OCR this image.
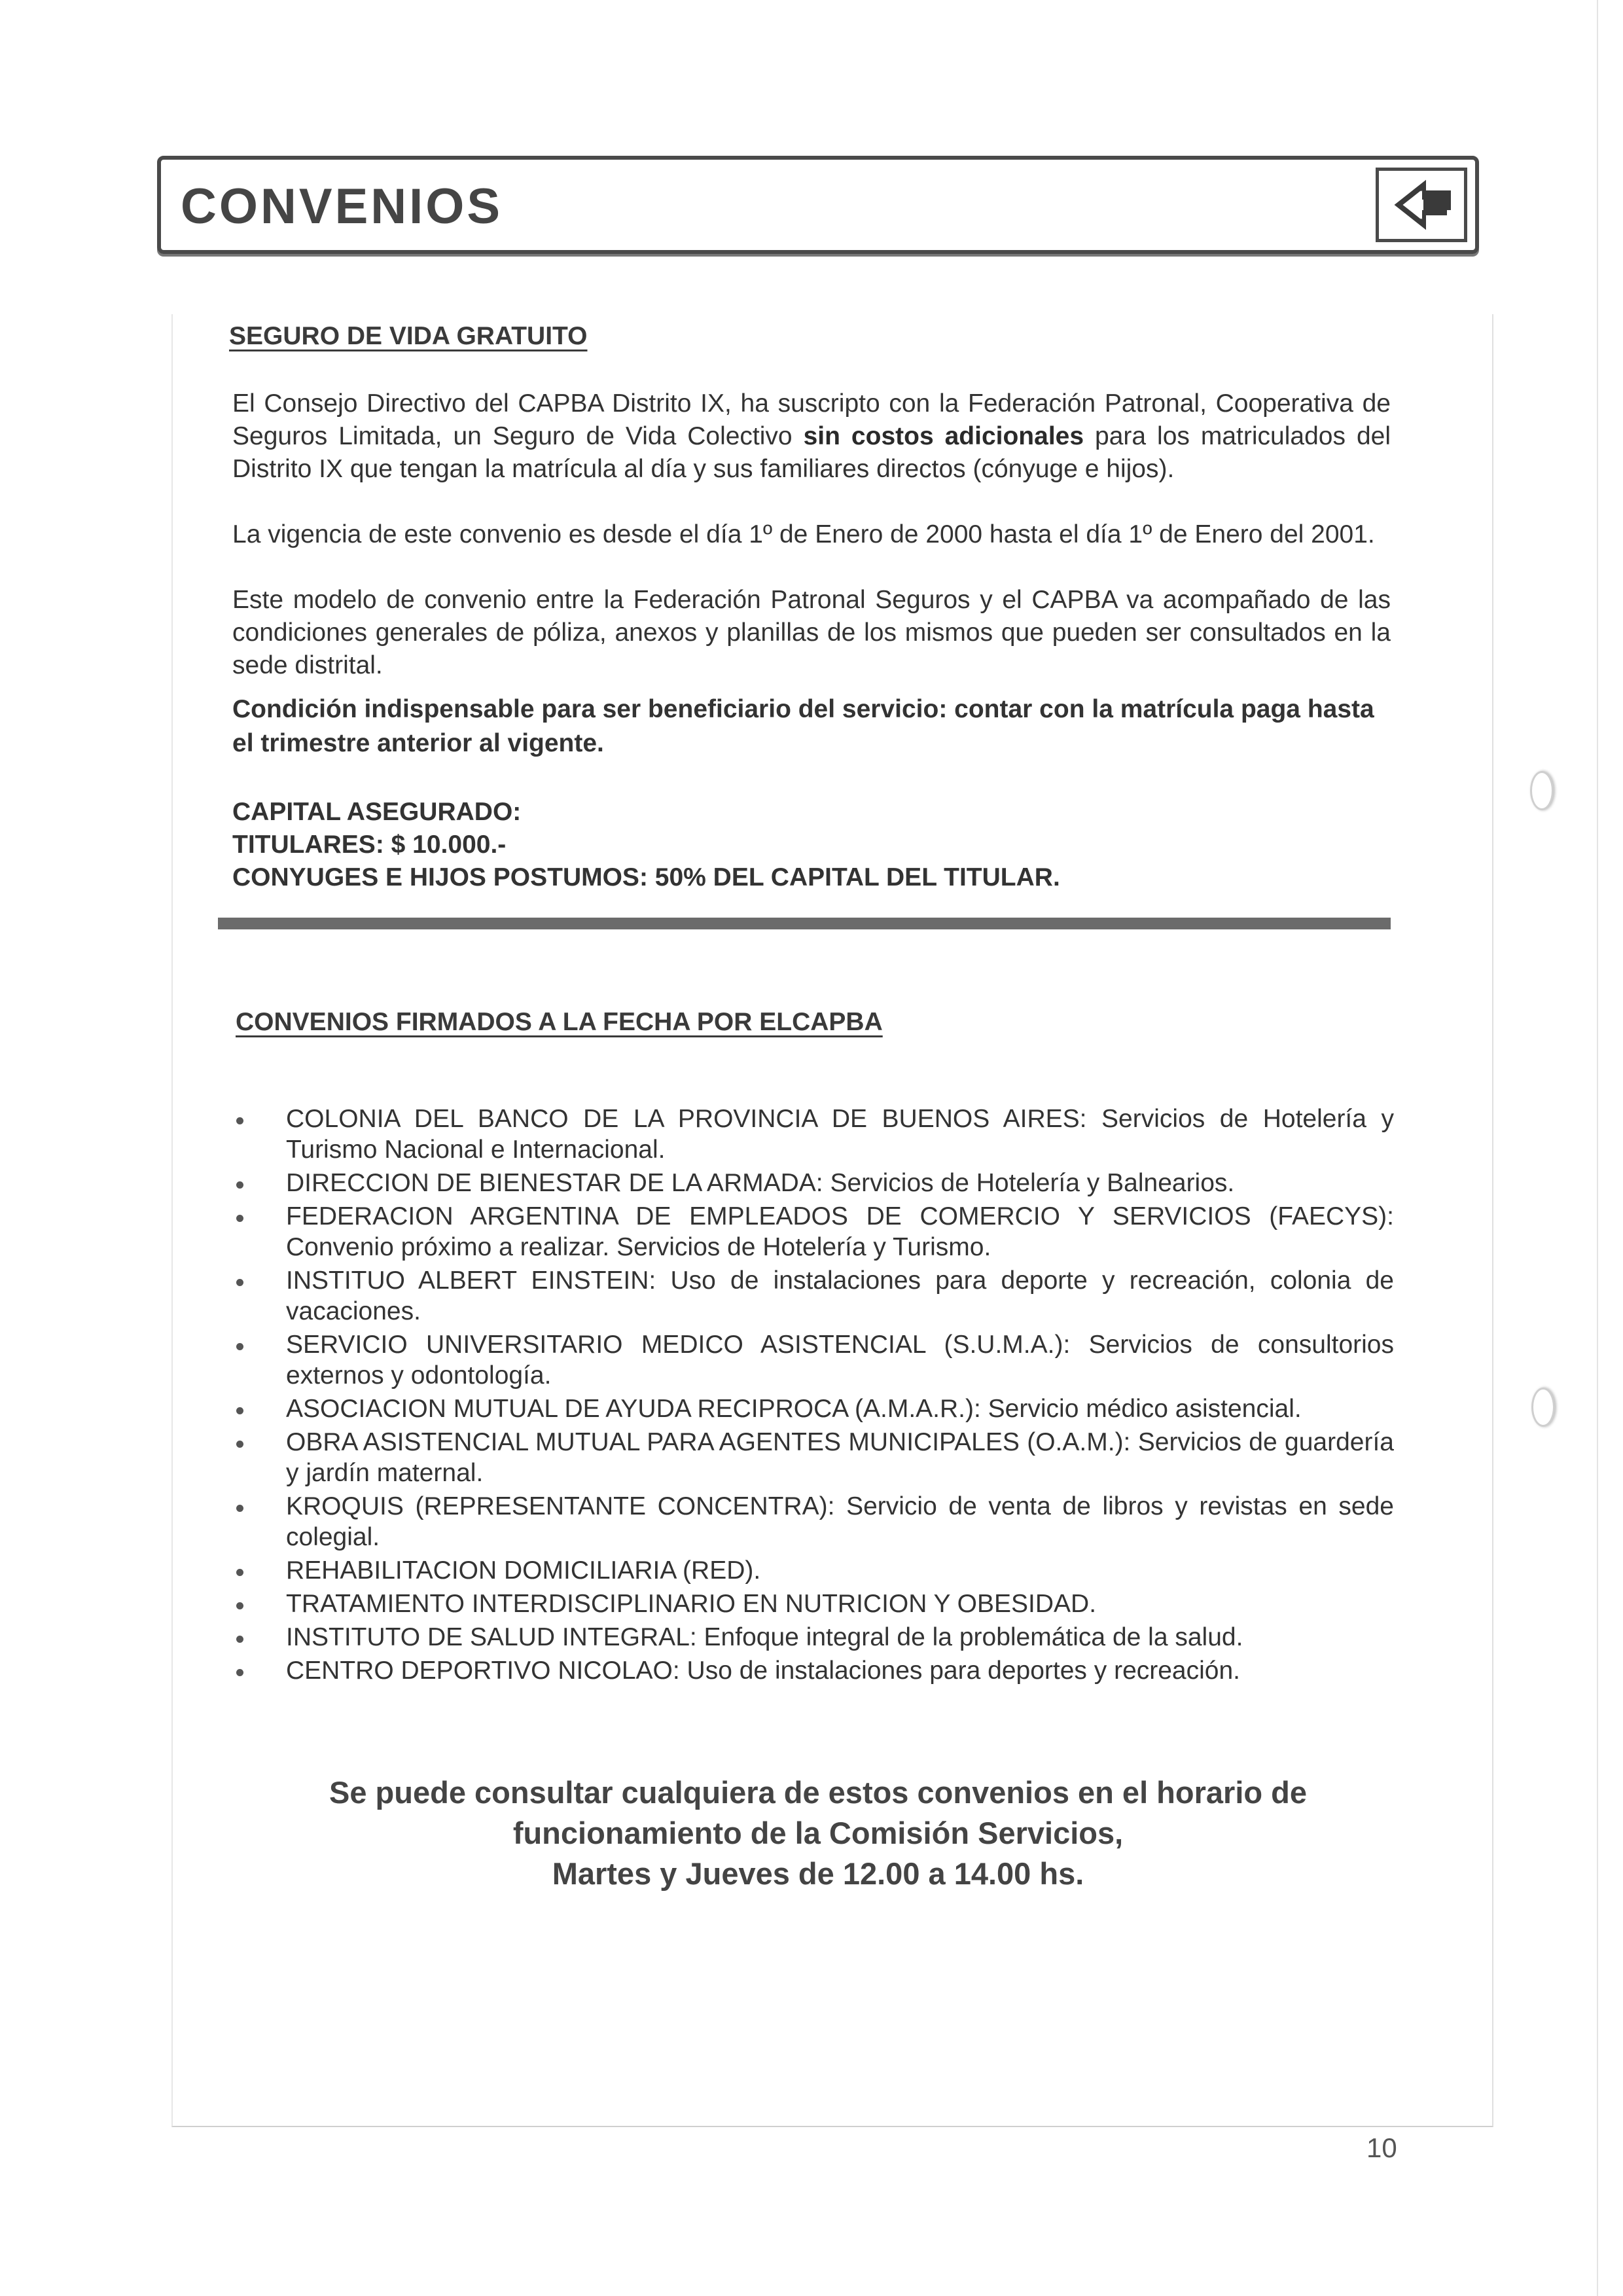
CONVENIOS
SEGURO DE VIDA GRATUITO

El Consejo Directivo del CAPBA Distrito IX, ha suscripto con la Federación Patronal, Cooperativa de Seguros Limitada, un Seguro de Vida Colectivo sin costos adicionales para los matriculados del Distrito IX que tengan la matrícula al día y sus familiares directos (cónyuge e hijos).

La vigencia de este convenio es desde el día 1º de Enero de 2000 hasta el día 1º de Enero del 2001.

Este modelo de convenio entre la Federación Patronal Seguros y el CAPBA va acompañado de las condiciones generales de póliza, anexos y planillas de los mismos que pueden ser consultados en la sede distrital.

Condición indispensable para ser beneficiario del servicio: contar con la matrícula paga hasta el trimestre anterior al vigente.

CAPITAL ASEGURADO:
TITULARES: $ 10.000.-
CONYUGES E HIJOS POSTUMOS: 50% DEL CAPITAL DEL TITULAR.
CONVENIOS FIRMADOS A LA FECHA POR ELCAPBA
COLONIA DEL BANCO DE LA PROVINCIA DE BUENOS AIRES: Servicios de Hotelería y Turismo Nacional e Internacional.
DIRECCION DE BIENESTAR DE LA ARMADA: Servicios de Hotelería y Balnearios.
FEDERACION ARGENTINA DE EMPLEADOS DE COMERCIO Y SERVICIOS (FAECYS): Convenio próximo a realizar. Servicios de Hotelería y Turismo.
INSTITUO ALBERT EINSTEIN: Uso de instalaciones para deporte y recreación, colonia de vacaciones.
SERVICIO UNIVERSITARIO MEDICO ASISTENCIAL (S.U.M.A.): Servicios de consultorios externos y odontología.
ASOCIACION MUTUAL DE AYUDA RECIPROCA (A.M.A.R.): Servicio médico asistencial.
OBRA ASISTENCIAL MUTUAL PARA AGENTES MUNICIPALES (O.A.M.): Servicios de guardería y jardín maternal.
KROQUIS (REPRESENTANTE CONCENTRA): Servicio de venta de libros y revistas en sede colegial.
REHABILITACION DOMICILIARIA (RED).
TRATAMIENTO INTERDISCIPLINARIO EN NUTRICION Y OBESIDAD.
INSTITUTO DE SALUD INTEGRAL: Enfoque integral de la problemática de la salud.
CENTRO DEPORTIVO NICOLAO: Uso de instalaciones para deportes y recreación.
Se puede consultar cualquiera de estos convenios en el horario de
funcionamiento de la Comisión Servicios,
Martes y Jueves de 12.00 a 14.00 hs.
10
